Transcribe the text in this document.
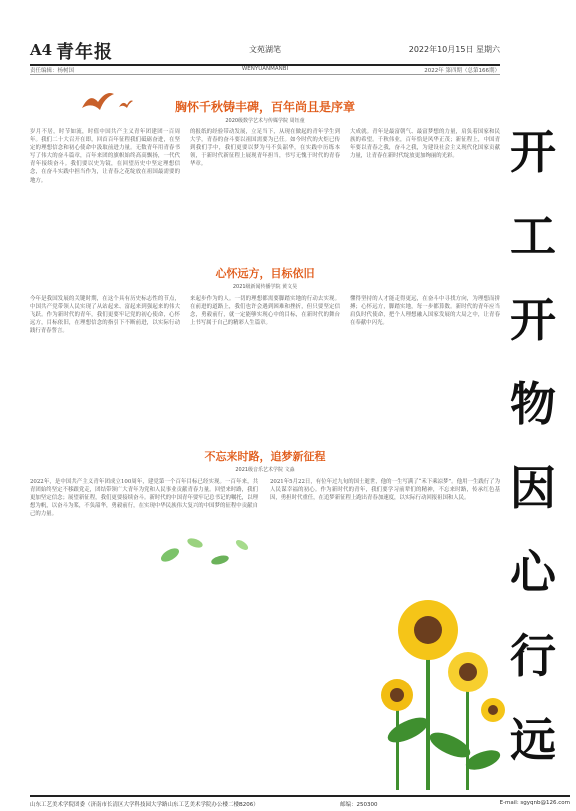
A4 青年报	文苑湖笔	2022年10月15日 星期六
责任编辑：杨树国	WENYUANMANBI	2022年 第四期（总第166期）
胸怀千秋铸丰碑，百年尚且是序章
2020级数学艺术与传媒学院 周钰童
岁月不居，时节如流，时值中国共产主义青年团建团一百周年。我们二十大召开在即，回首百年征程我们砥砺奋进，在坚定的理想信念和初心使命中汲取前进力量。无数青年用青春书写了伟大的奋斗篇章，百年来团的旗帜始终高高飘扬，一代代青年接续奋斗。我们要以史为镜，在回望历史中坚定理想信念，在奋斗实践中担当作为，让青春之花绽放在祖国最需要的地方。
的报纸的经验带动发展，立足当下，从现在做起的青年学生到大学，青春的奋斗要以祖国需要为已任。如今时代的火炬已传到我们手中，我们更要以梦为马不负韶华，在实践中历练本领，于新时代新征程上展现青年担当，书写无愧于时代的青春华章。
大成就。青年是最富朝气、最富梦想的力量，肩负着国家和民族的希望。千秋伟业，百年恰是风华正茂；新征程上，中国青年要以青春之我，奋斗之我，为建设社会主义现代化国家贡献力量，让青春在新时代绽放更加绚丽的光彩。
心怀远方，目标依旧
2021级新闻传播学院 黄文昊
今年是我国发展的关键时期，在这个具有历史标志性的节点，中国共产党带领人民实现了从站起来、富起来到强起来的伟大飞跃。作为新时代的青年，我们更要牢记党的初心使命，心怀远方，目标依旧，在理想信念的指引下不断前进，以实际行动践行青春誓言。
来起步作为的人。一切的理想都需要脚踏实地的行动去实现。在前进的道路上，我们也许会遇到困难和挫折，但只要坚定信念，勇毅前行，就一定能够实现心中的目标，在新时代的舞台上书写属于自己的精彩人生篇章。
懂得坚持的人才能走得更远，在奋斗中寻找方向，为理想而拼搏；心怀远方，脚踏实地，每一步都算数。新时代的青年应当肩负时代使命，把个人理想融入国家发展的大局之中，让青春在奉献中闪光。
不忘来时路，追梦新征程
2021级音乐艺术学院 文淼
2022年，是中国共产主义青年团成立100周年，建党第一个百年目标已经实现。一百年来，共青团始终坚定不移跟党走，团结带领广大青年为党和人民事业贡献青春力量。回望来时路，我们更加坚定信念；展望新征程，我们更要接续奋斗。新时代的中国青年要牢记总书记的嘱托，以理想为帆，以奋斗为桨，不负韶华，勇毅前行，在实现中华民族伟大复兴的中国梦的征程中贡献自己的力量。
2021年5月22日，有位年过九旬的国士逝世，他的一生写满了“禾下乘凉梦”。他用一生践行了为人民谋幸福的初心。作为新时代的青年，我们要学习前辈们的精神，不忘来时路，传承红色基因，勇担时代重任，在追梦新征程上跑出青春加速度，以实际行动回报祖国和人民。
开
工
开
物
因
心
行
远
山东工艺美术学院团委（济南市长清区大学科技园大学路山东工艺美术学院办公楼二楼B206）	邮编：250300	E-mail: sgyqnb@126.com
